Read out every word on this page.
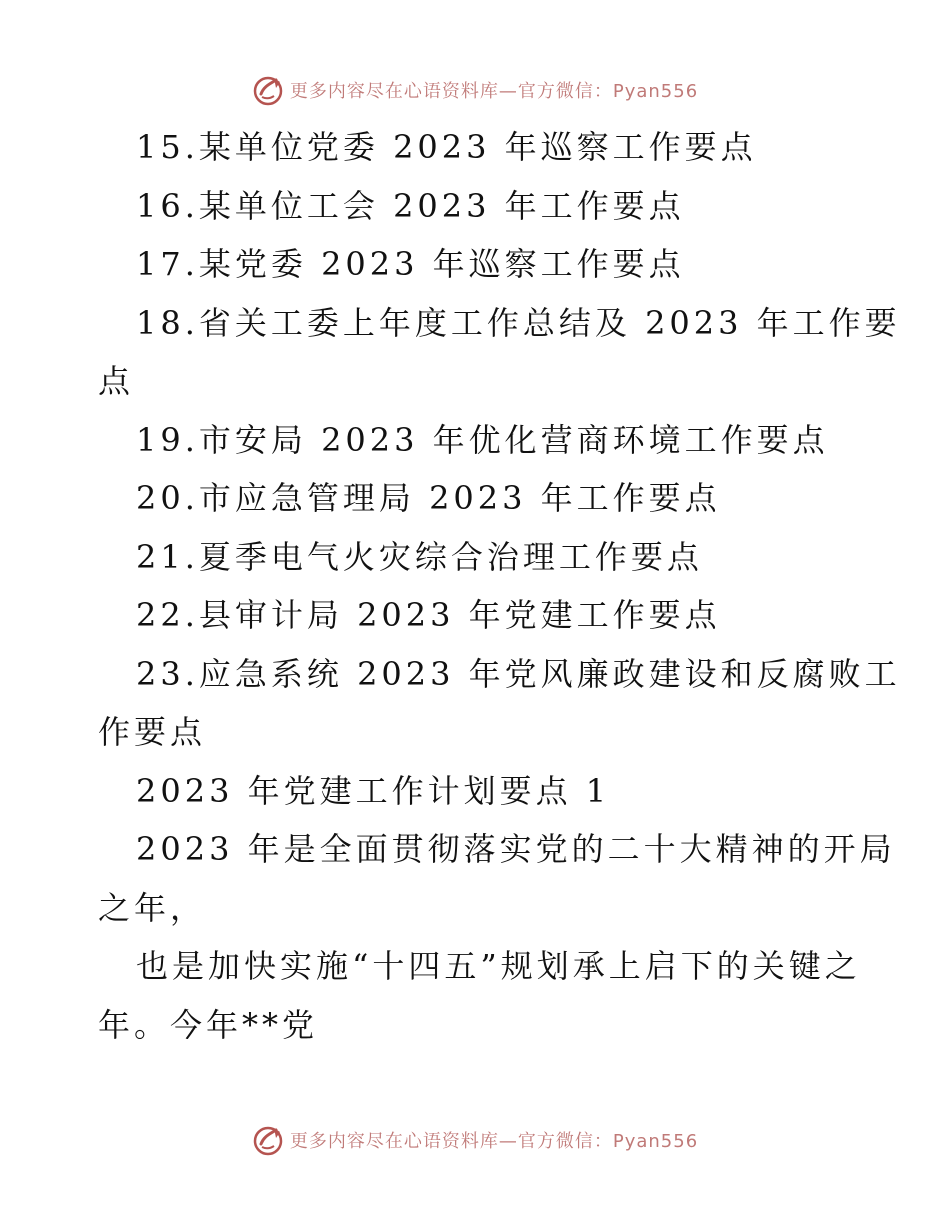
更多内容尽在心语资料库—官方微信：Pyan556
15.某单位党委 2023 年巡察工作要点
16.某单位工会 2023 年工作要点
17.某党委 2023 年巡察工作要点
18.省关工委上年度工作总结及 2023 年工作要
点
19.市安局 2023 年优化营商环境工作要点
20.市应急管理局 2023 年工作要点
21.夏季电气火灾综合治理工作要点
22.县审计局 2023 年党建工作要点
23.应急系统 2023 年党风廉政建设和反腐败工
作要点
2023 年党建工作计划要点 1
2023 年是全面贯彻落实党的二十大精神的开局
之年，
也是加快实施“十四五”规划承上启下的关键之
年。今年**党
更多内容尽在心语资料库—官方微信：Pyan556
